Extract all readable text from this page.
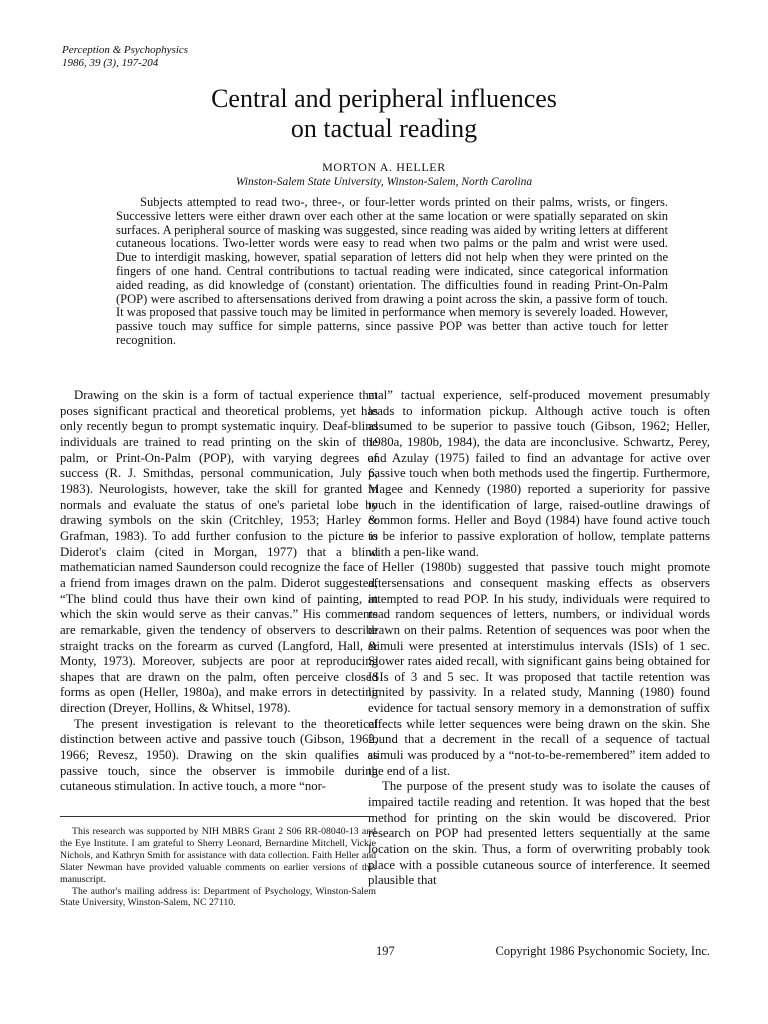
Perception & Psychophysics
1986, 39 (3), 197-204
Central and peripheral influences
on tactual reading
MORTON A. HELLER
Winston-Salem State University, Winston-Salem, North Carolina

Subjects attempted to read two-, three-, or four-letter words printed on their palms, wrists, or fingers. Successive letters were either drawn over each other at the same location or were spatially separated on skin surfaces. A peripheral source of masking was suggested, since reading was aided by writing letters at different cutaneous locations. Two-letter words were easy to read when two palms or the palm and wrist were used. Due to interdigit masking, however, spatial separation of letters did not help when they were printed on the fingers of one hand. Central contributions to tactual reading were indicated, since categorical information aided reading, as did knowledge of (constant) orientation. The difficulties found in reading Print-On-Palm (POP) were ascribed to aftersensations derived from drawing a point across the skin, a passive form of touch. It was proposed that passive touch may be limited in performance when memory is severely loaded. However, passive touch may suffice for simple patterns, since passive POP was better than active touch for letter recognition.

Drawing on the skin is a form of tactual experience that poses significant practical and theoretical problems, yet has only recently begun to prompt systematic inquiry. Deaf-blind individuals are trained to read printing on the skin of the palm, or Print-On-Palm (POP), with varying degrees of success (R. J. Smithdas, personal communication, July 6, 1983). Neurologists, however, take the skill for granted in normals and evaluate the status of one's parietal lobe by drawing symbols on the skin (Critchley, 1953; Harley & Grafman, 1983). To add further confusion to the picture is Diderot's claim (cited in Morgan, 1977) that a blind mathematician named Saunderson could recognize the face of a friend from images drawn on the palm. Diderot suggested, “The blind could thus have their own kind of painting, in which the skin would serve as their canvas.” His comments are remarkable, given the tendency of observers to describe straight tracks on the forearm as curved (Langford, Hall, & Monty, 1973). Moreover, subjects are poor at reproducing shapes that are drawn on the palm, often perceive closed forms as open (Heller, 1980a), and make errors in detecting direction (Dreyer, Hollins, & Whitsel, 1978).

The present investigation is relevant to the theoretical distinction between active and passive touch (Gibson, 1962, 1966; Revesz, 1950). Drawing on the skin qualifies as passive touch, since the observer is immobile during cutaneous stimulation. In active touch, a more “nor-

mal” tactual experience, self-produced movement presumably leads to information pickup. Although active touch is often assumed to be superior to passive touch (Gibson, 1962; Heller, 1980a, 1980b, 1984), the data are inconclusive. Schwartz, Perey, and Azulay (1975) failed to find an advantage for active over passive touch when both methods used the fingertip. Furthermore, Magee and Kennedy (1980) reported a superiority for passive touch in the identification of large, raised-outline drawings of common forms. Heller and Boyd (1984) have found active touch to be inferior to passive exploration of hollow, template patterns with a pen-like wand.

Heller (1980b) suggested that passive touch might promote aftersensations and consequent masking effects as observers attempted to read POP. In his study, individuals were required to read random sequences of letters, numbers, or individual words drawn on their palms. Retention of sequences was poor when the stimuli were presented at interstimulus intervals (ISIs) of 1 sec. Slower rates aided recall, with significant gains being obtained for ISIs of 3 and 5 sec. It was proposed that tactile retention was limited by passivity. In a related study, Manning (1980) found evidence for tactual sensory memory in a demonstration of suffix effects while letter sequences were being drawn on the skin. She found that a decrement in the recall of a sequence of tactual stimuli was produced by a “not-to-be-remembered” item added to the end of a list.

The purpose of the present study was to isolate the causes of impaired tactile reading and retention. It was hoped that the best method for printing on the skin would be discovered. Prior research on POP had presented letters sequentially at the same location on the skin. Thus, a form of overwriting probably took place with a possible cutaneous source of interference. It seemed plausible that

This research was supported by NIH MBRS Grant 2 S06 RR-08040-13 and the Eye Institute. I am grateful to Sherry Leonard, Bernardine Mitchell, Vickie Nichols, and Kathryn Smith for assistance with data collection. Faith Heller and Slater Newman have provided valuable comments on earlier versions of this manuscript.

The author's mailing address is: Department of Psychology, Winston-Salem State University, Winston-Salem, NC 27110.

197	Copyright 1986 Psychonomic Society, Inc.
